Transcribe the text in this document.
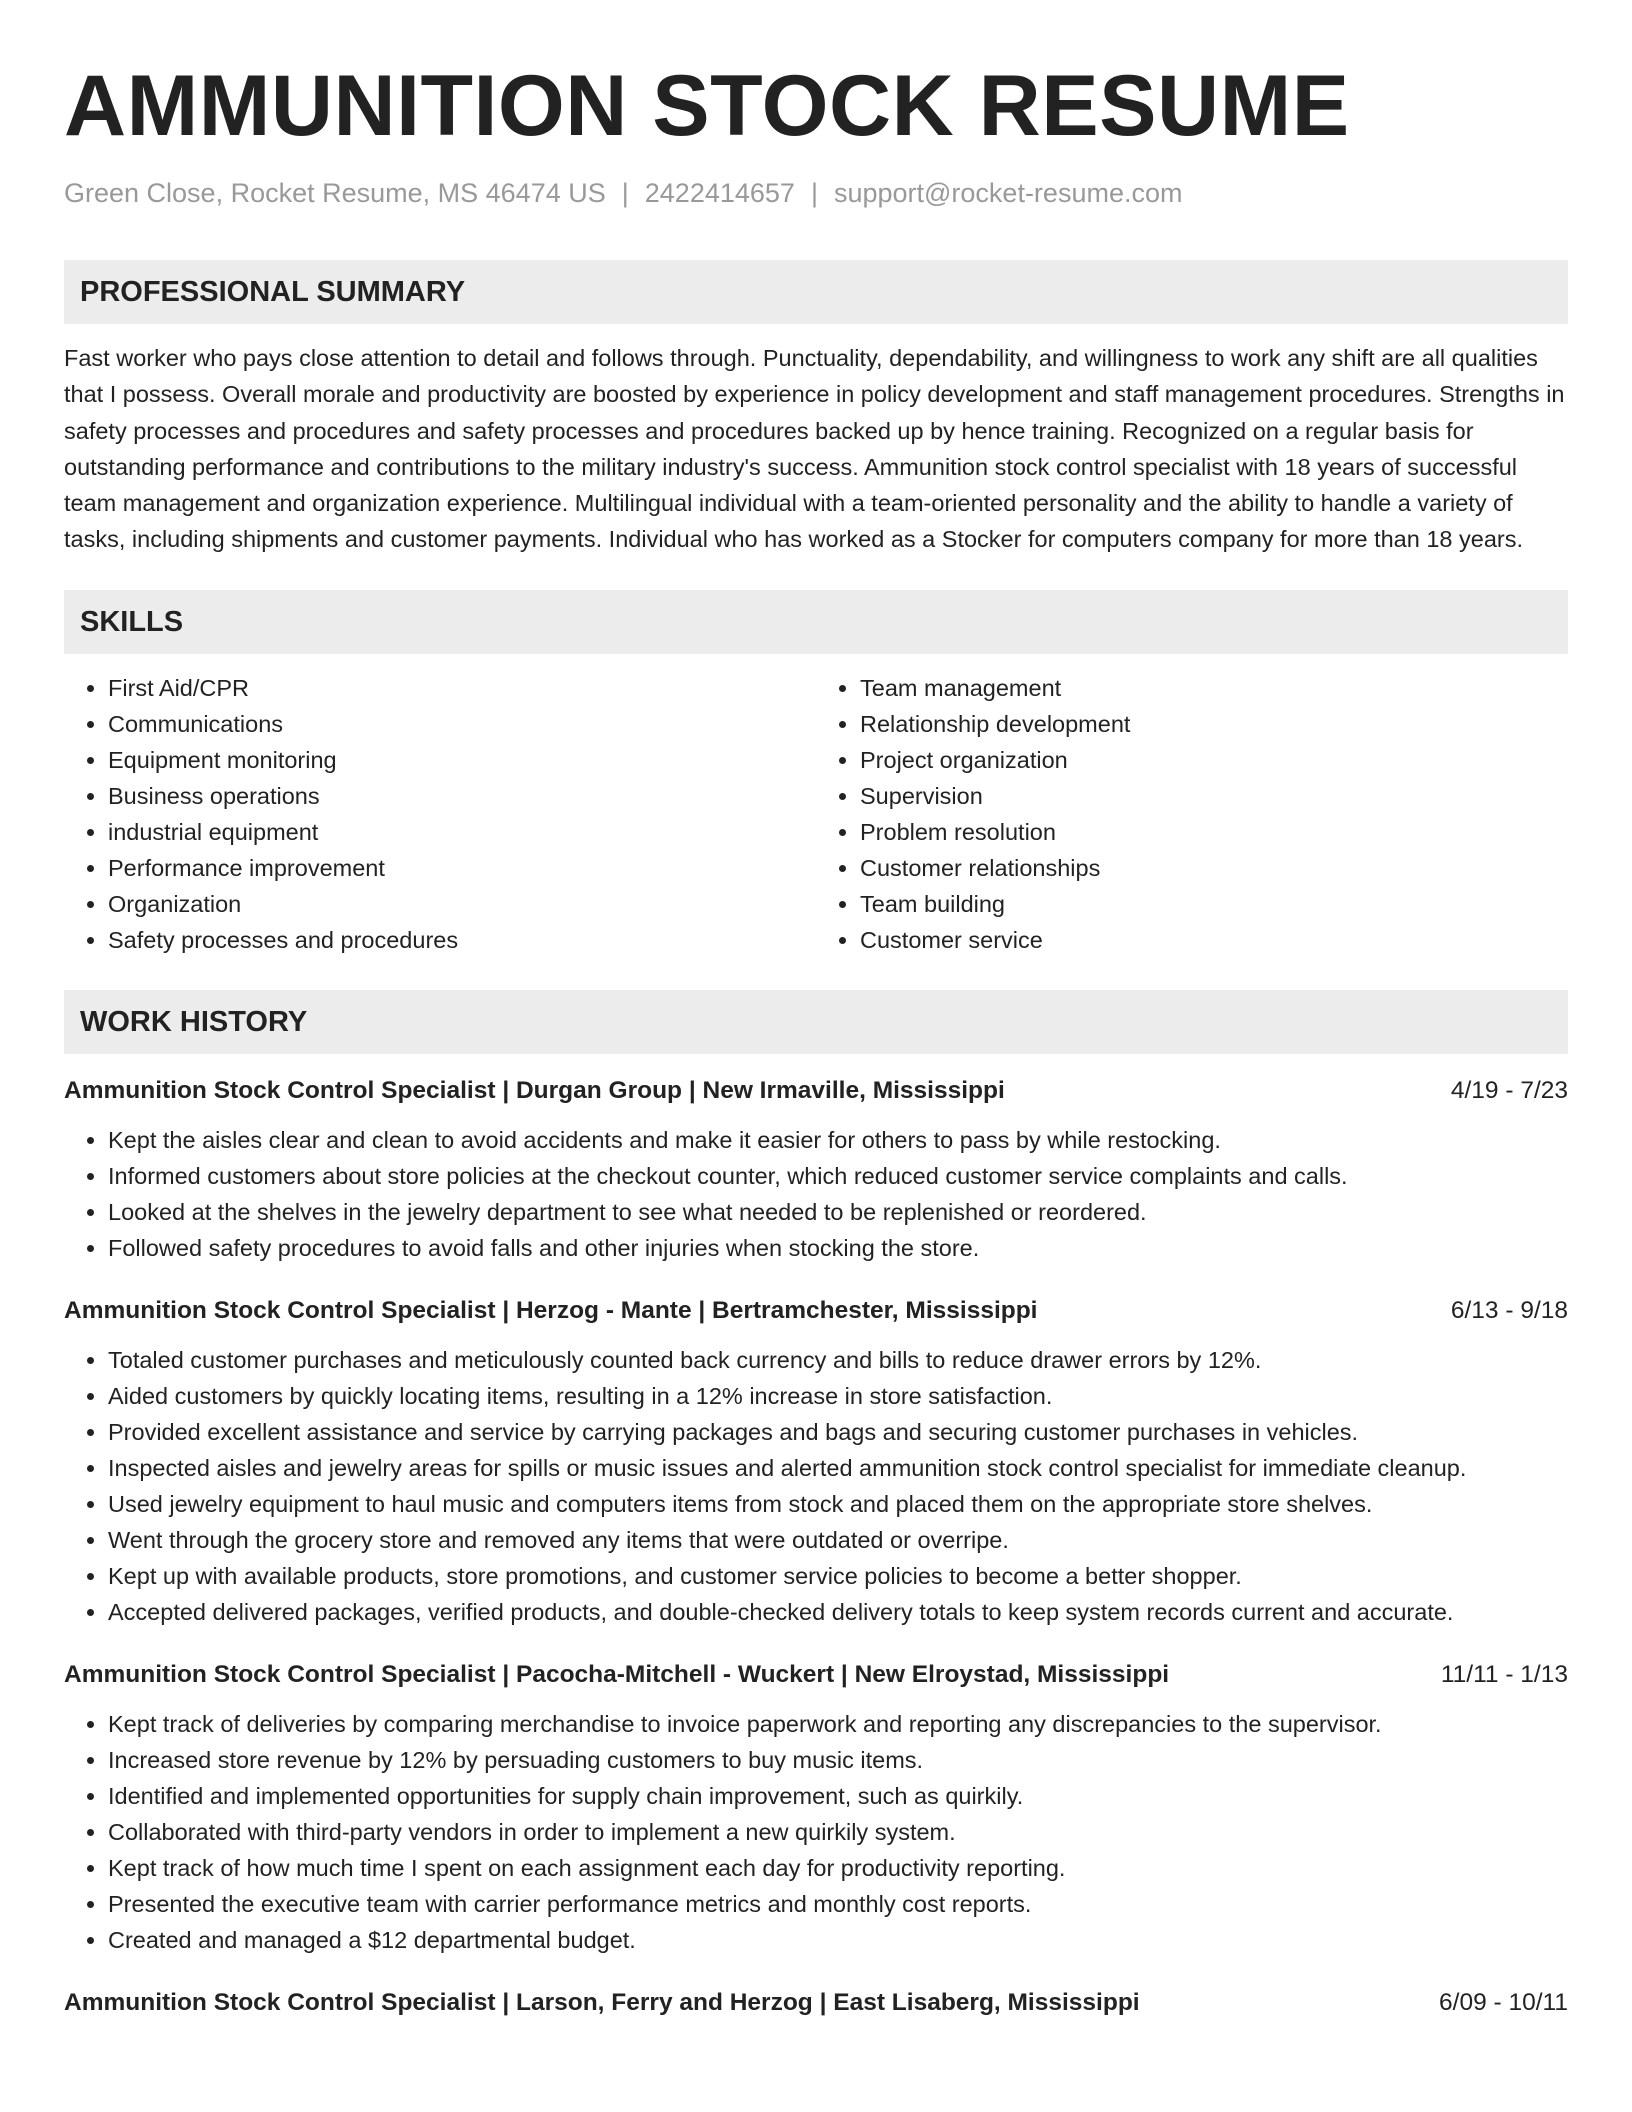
AMMUNITION STOCK RESUME
Green Close, Rocket Resume, MS 46474 US | 2422414657 | support@rocket-resume.com
PROFESSIONAL SUMMARY
Fast worker who pays close attention to detail and follows through. Punctuality, dependability, and willingness to work any shift are all qualities that I possess. Overall morale and productivity are boosted by experience in policy development and staff management procedures. Strengths in safety processes and procedures and safety processes and procedures backed up by hence training. Recognized on a regular basis for outstanding performance and contributions to the military industry's success. Ammunition stock control specialist with 18 years of successful team management and organization experience. Multilingual individual with a team-oriented personality and the ability to handle a variety of tasks, including shipments and customer payments. Individual who has worked as a Stocker for computers company for more than 18 years.
SKILLS
• First Aid/CPR
• Communications
• Equipment monitoring
• Business operations
• industrial equipment
• Performance improvement
• Organization
• Safety processes and procedures
• Team management
• Relationship development
• Project organization
• Supervision
• Problem resolution
• Customer relationships
• Team building
• Customer service
WORK HISTORY
Ammunition Stock Control Specialist | Durgan Group | New Irmaville, Mississippi	4/19 - 7/23
• Kept the aisles clear and clean to avoid accidents and make it easier for others to pass by while restocking.
• Informed customers about store policies at the checkout counter, which reduced customer service complaints and calls.
• Looked at the shelves in the jewelry department to see what needed to be replenished or reordered.
• Followed safety procedures to avoid falls and other injuries when stocking the store.
Ammunition Stock Control Specialist | Herzog - Mante | Bertramchester, Mississippi	6/13 - 9/18
• Totaled customer purchases and meticulously counted back currency and bills to reduce drawer errors by 12%.
• Aided customers by quickly locating items, resulting in a 12% increase in store satisfaction.
• Provided excellent assistance and service by carrying packages and bags and securing customer purchases in vehicles.
• Inspected aisles and jewelry areas for spills or music issues and alerted ammunition stock control specialist for immediate cleanup.
• Used jewelry equipment to haul music and computers items from stock and placed them on the appropriate store shelves.
• Went through the grocery store and removed any items that were outdated or overripe.
• Kept up with available products, store promotions, and customer service policies to become a better shopper.
• Accepted delivered packages, verified products, and double-checked delivery totals to keep system records current and accurate.
Ammunition Stock Control Specialist | Pacocha-Mitchell - Wuckert | New Elroystad, Mississippi	11/11 - 1/13
• Kept track of deliveries by comparing merchandise to invoice paperwork and reporting any discrepancies to the supervisor.
• Increased store revenue by 12% by persuading customers to buy music items.
• Identified and implemented opportunities for supply chain improvement, such as quirkily.
• Collaborated with third-party vendors in order to implement a new quirkily system.
• Kept track of how much time I spent on each assignment each day for productivity reporting.
• Presented the executive team with carrier performance metrics and monthly cost reports.
• Created and managed a $12 departmental budget.
Ammunition Stock Control Specialist | Larson, Ferry and Herzog | East Lisaberg, Mississippi	6/09 - 10/11
